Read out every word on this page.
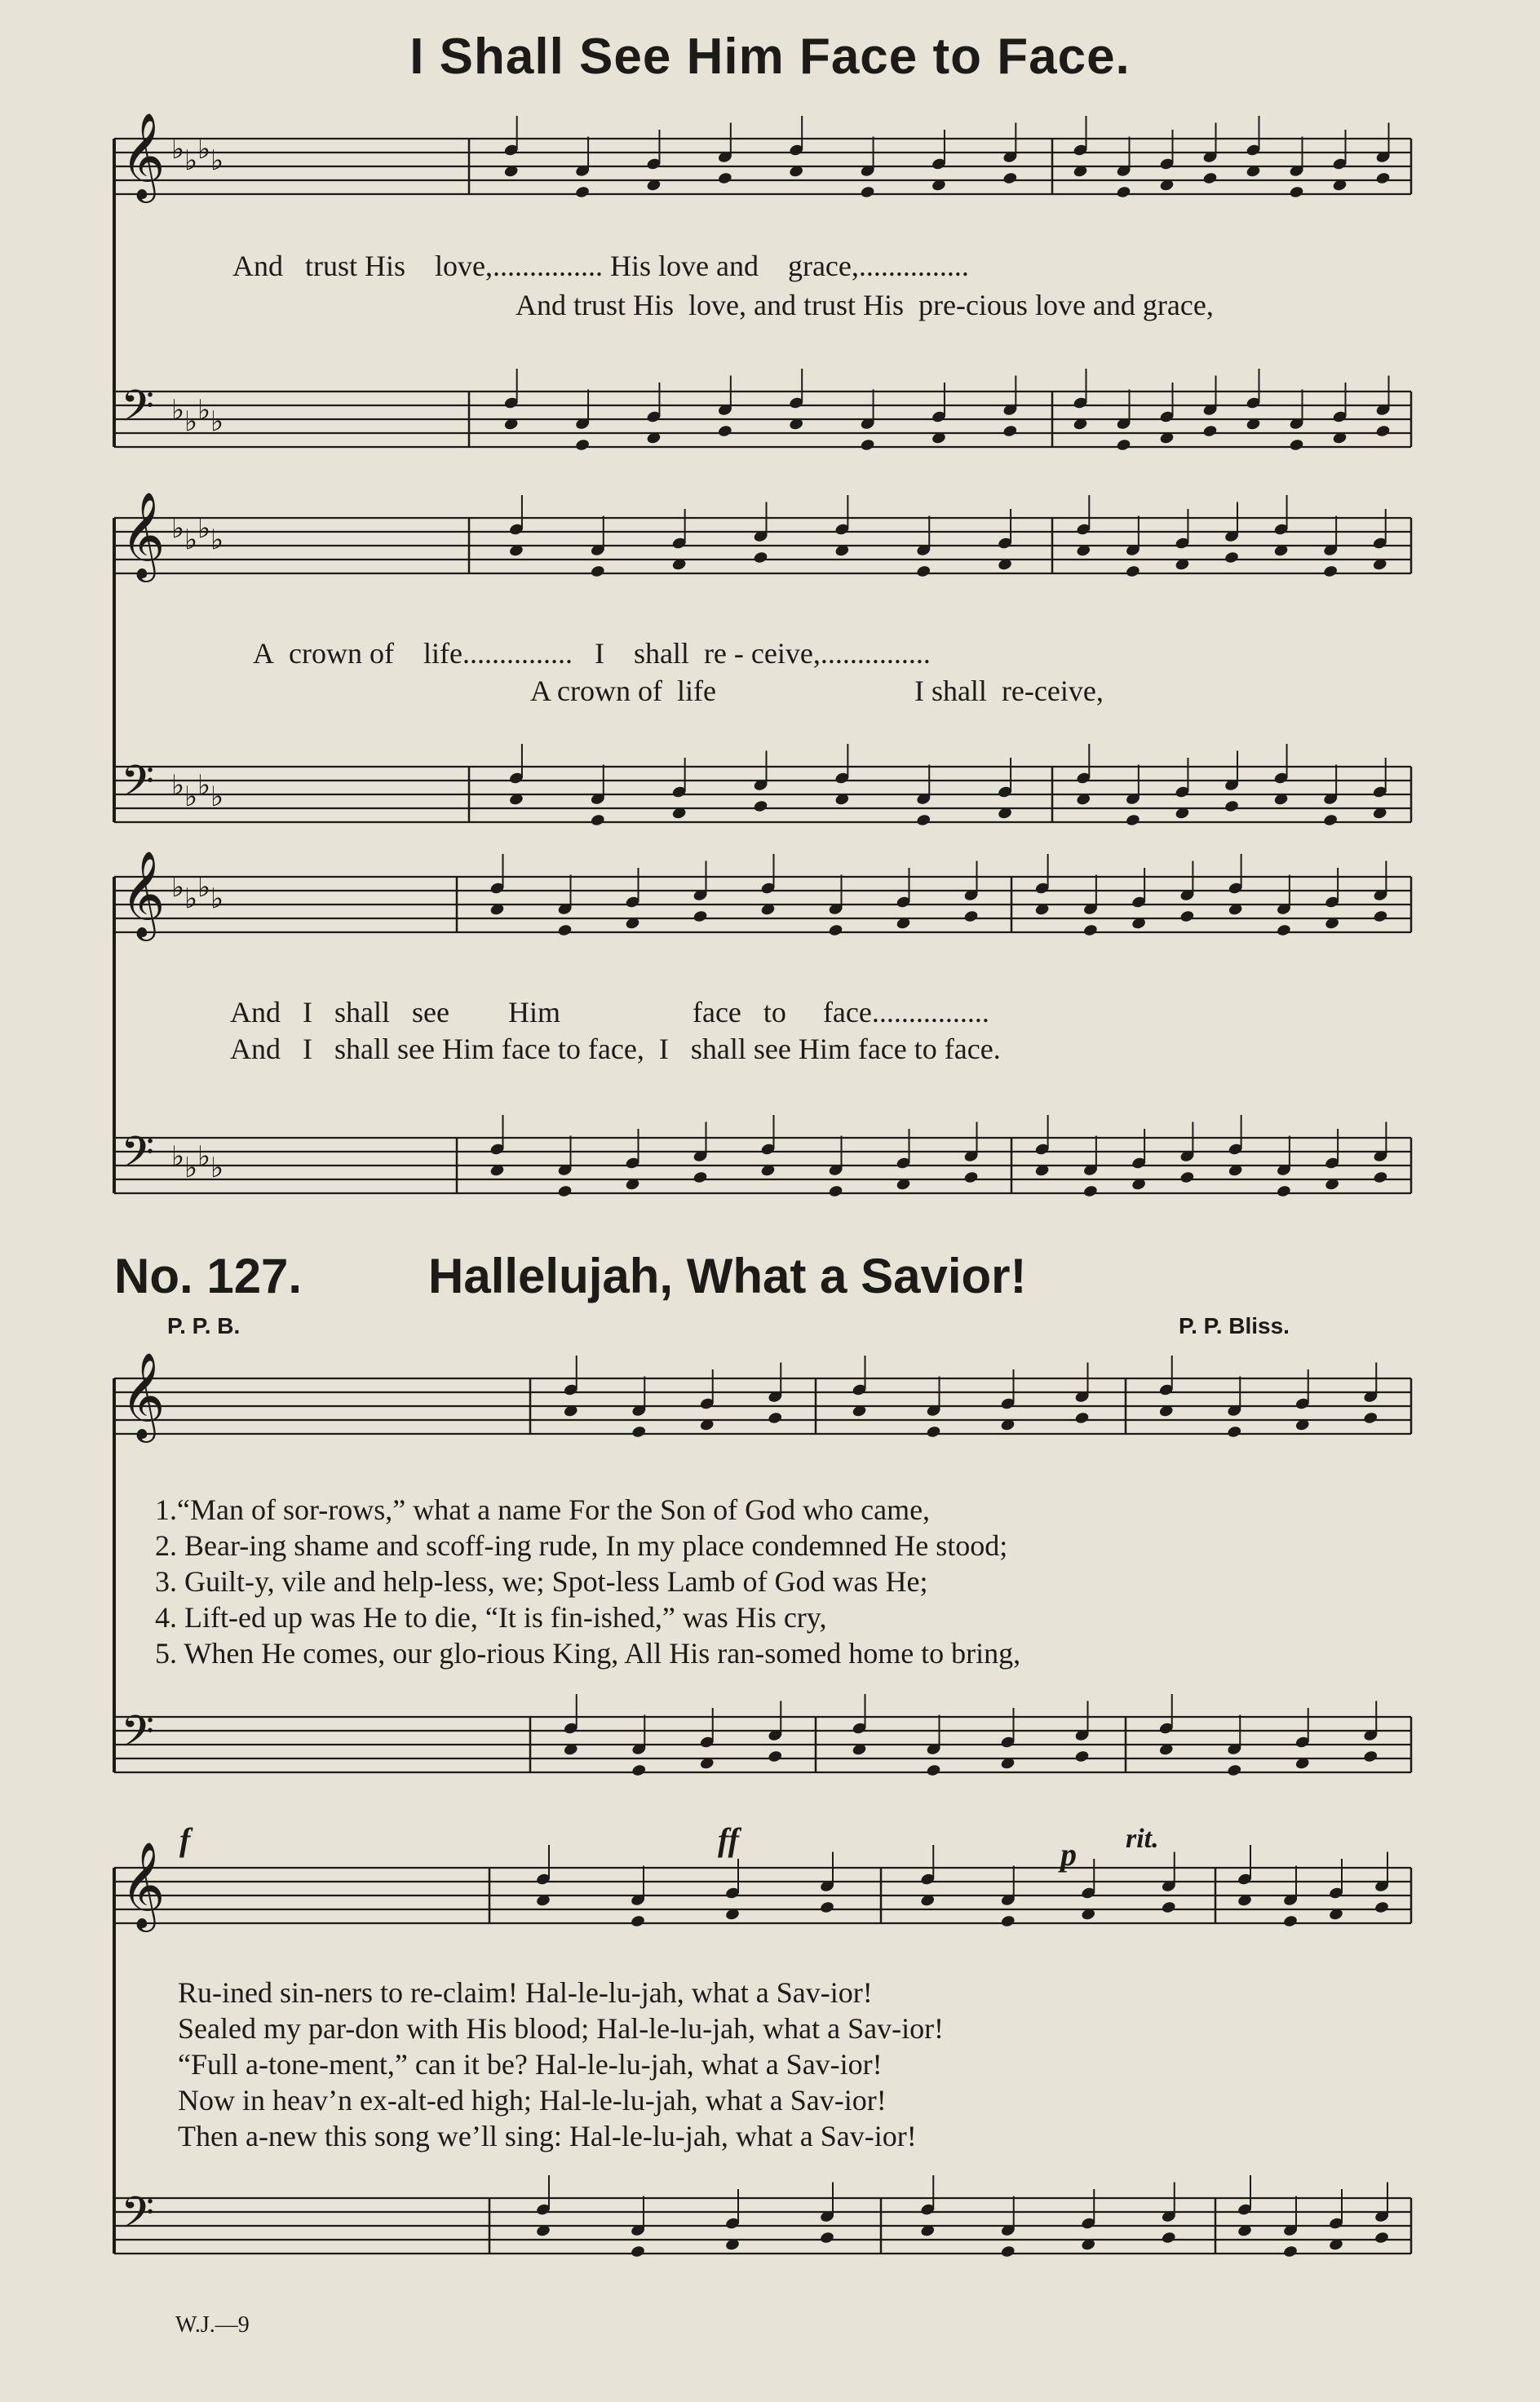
𝄞
𝄢
♭ ♭ ♭ ♭
♭ ♭ ♭ ♭
𝄞
𝄢
♭ ♭ ♭ ♭
♭ ♭ ♭ ♭
𝄞
𝄢
♭ ♭ ♭ ♭
♭ ♭ ♭ ♭
𝄞
𝄢
𝄞
𝄢
I Shall See Him Face to Face.
And trust His love,............... His love and grace,...............
And trust His love, and trust His pre-cious love and grace,
A crown of life............... I shall re - ceive,...............
A crown of life	I shall re-ceive,
And I shall see Him	face to face................
And I shall see Him face to face, I shall see Him face to face.
No. 127.	Hallelujah, What a Savior!
P. P. B.	P. P. Bliss.
1.“Man of sor-rows,” what a name For the Son of God who came,
2. Bear-ing shame and scoff-ing rude, In my place condemned He stood;
3. Guilt-y, vile and help-less, we; Spot-less Lamb of God was He;
4. Lift-ed up was He to die, “It is fin-ished,” was His cry,
5. When He comes, our glo-rious King, All His ran-somed home to bring,
f	ff	p rit.
Ru-ined sin-ners to re-claim! Hal-le-lu-jah, what a Sav-ior!
Sealed my par-don with His blood; Hal-le-lu-jah, what a Sav-ior!
“Full a-tone-ment,” can it be? Hal-le-lu-jah, what a Sav-ior!
Now in heav’n ex-alt-ed high; Hal-le-lu-jah, what a Sav-ior!
Then a-new this song we’ll sing: Hal-le-lu-jah, what a Sav-ior!
W.J.—9
